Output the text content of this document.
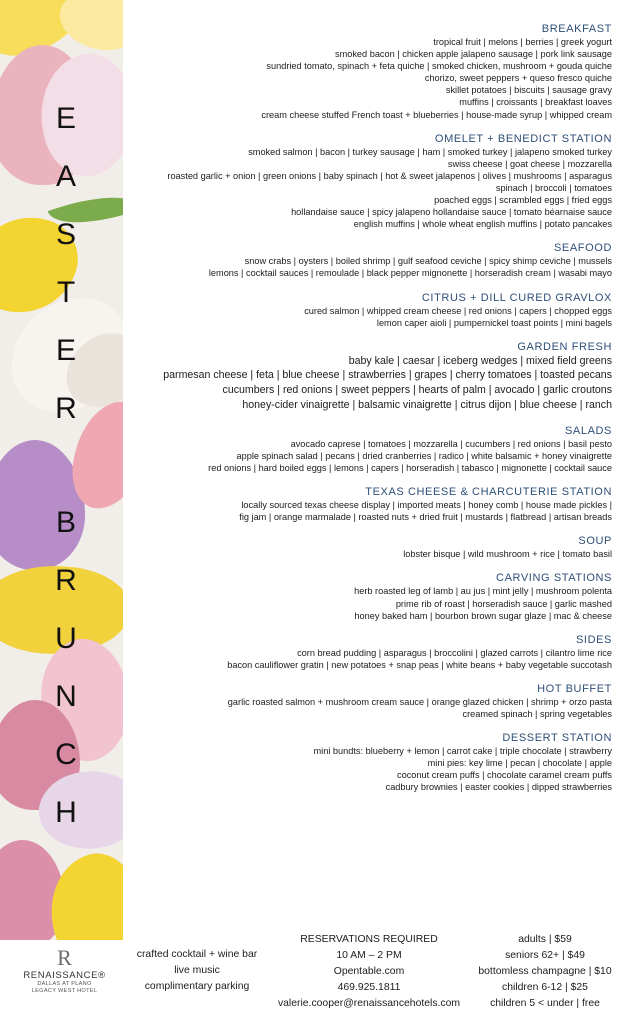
E
A
S
T
E
R
B
R
U
N
C
H
BREAKFAST
tropical fruit | melons | berries | greek yogurt
smoked bacon | chicken apple jalapeno sausage | pork link sausage
sundried tomato, spinach + feta quiche | smoked chicken, mushroom + gouda quiche
chorizo, sweet peppers + queso fresco quiche
skillet potatoes | biscuits | sausage gravy
muffins | croissants | breakfast loaves
cream cheese stuffed French toast + blueberries | house-made syrup | whipped cream
OMELET + BENEDICT STATION
smoked salmon | bacon | turkey sausage | ham | smoked turkey | jalapeno smoked turkey
swiss cheese | goat cheese | mozzarella
roasted garlic + onion | green onions | baby spinach | hot & sweet jalapenos | olives | mushrooms | asparagus
spinach | broccoli | tomatoes
poached eggs | scrambled eggs | fried eggs
hollandaise sauce | spicy jalapeno hollandaise sauce | tomato béarnaise sauce
english muffins | whole wheat english muffins | potato pancakes
SEAFOOD
snow crabs | oysters | boiled shrimp | gulf seafood ceviche | spicy shimp ceviche | mussels
lemons | cocktail sauces | remoulade | black pepper mignonette | horseradish cream | wasabi mayo
CITRUS + DILL CURED GRAVLOX
cured salmon | whipped cream cheese | red onions | capers | chopped eggs
lemon caper aioli | pumpernickel toast points | mini bagels
GARDEN FRESH
baby kale | caesar | iceberg wedges | mixed field greens
parmesan cheese | feta | blue cheese | strawberries | grapes | cherry tomatoes | toasted pecans
cucumbers | red onions | sweet peppers | hearts of palm | avocado | garlic croutons
honey-cider vinaigrette | balsamic vinaigrette | citrus dijon | blue cheese | ranch
SALADS
avocado caprese | tomatoes | mozzarella | cucumbers | red onions | basil pesto
apple spinach salad | pecans | dried cranberries | radico | white balsamic + honey vinaigrette
red onions | hard boiled eggs | lemons | capers | horseradish | tabasco | mignonette | cocktail sauce
TEXAS CHEESE & CHARCUTERIE STATION
locally sourced texas cheese display | imported meats | honey comb | house made pickles |
fig jam | orange marmalade | roasted nuts + dried fruit | mustards | flatbread | artisan breads
SOUP
lobster bisque | wild mushroom + rice | tomato basil
CARVING STATIONS
herb roasted leg of lamb | au jus | mint jelly | mushroom polenta
prime rib of roast | horseradish sauce | garlic mashed
honey baked ham | bourbon brown sugar glaze | mac & cheese
SIDES
corn bread pudding | asparagus | broccolini | glazed carrots | cilantro lime rice
bacon cauliflower gratin | new potatoes + snap peas | white beans + baby vegetable succotash
HOT BUFFET
garlic roasted salmon + mushroom cream sauce | orange glazed chicken | shrimp + orzo pasta
creamed spinach | spring vegetables
DESSERT STATION
mini bundts: blueberry + lemon | carrot cake | triple chocolate | strawberry
mini pies: key lime | pecan | chocolate | apple
coconut cream puffs | chocolate caramel cream puffs
cadbury brownies | easter cookies | dipped strawberries
R
RENAISSANCE®
DALLAS AT PLANO
LEGACY WEST HOTEL
crafted cocktail + wine bar
live music
complimentary parking
RESERVATIONS REQUIRED
10 AM – 2 PM
Opentable.com
469.925.1811
valerie.cooper@renaissancehotels.com
adults | $59
seniors 62+ | $49
bottomless champagne | $10
children 6-12 | $25
children 5 < under | free
